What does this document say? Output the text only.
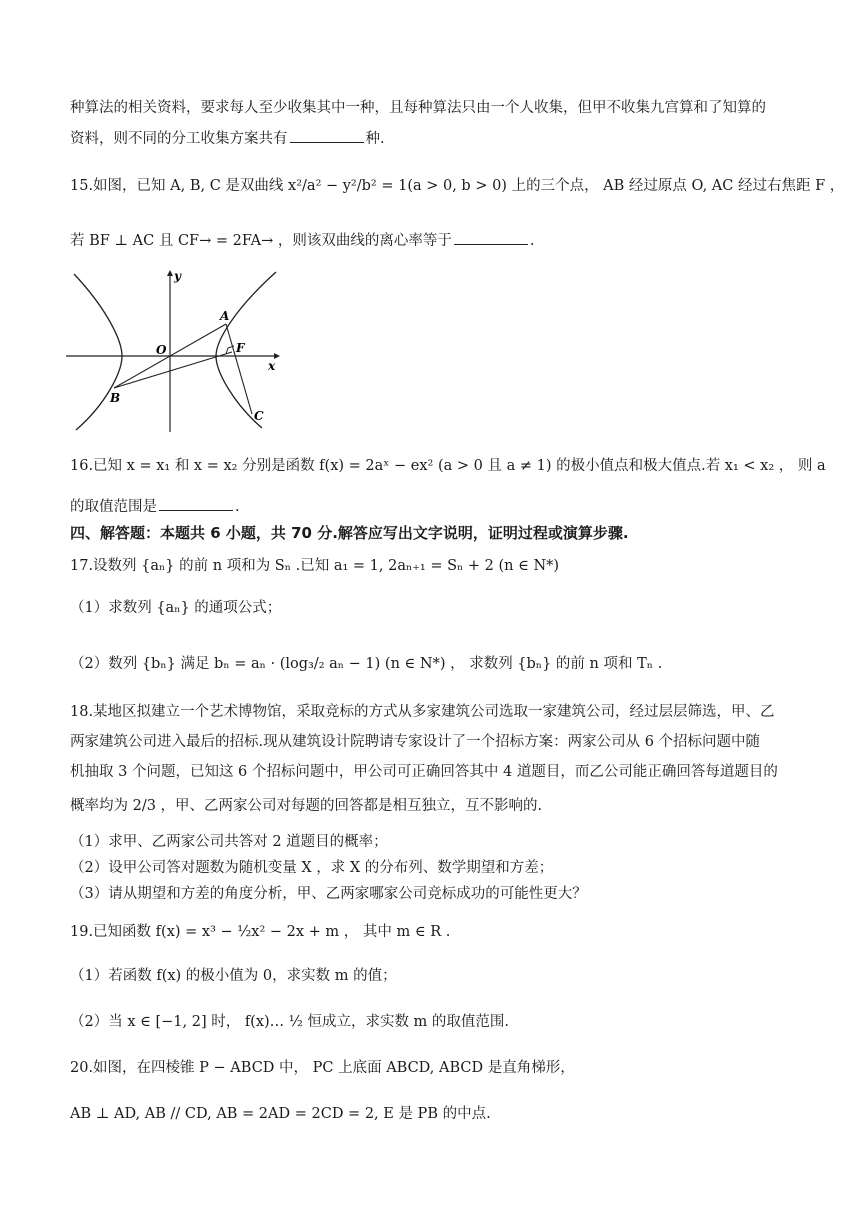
种算法的相关资料，要求每人至少收集其中一种，且每种算法只由一个人收集，但甲不收集九宫算和了知算的
资料，则不同的分工收集方案共有	种.
15.如图，已知 A, B, C 是双曲线 x²/a² − y²/b² = 1(a > 0, b > 0) 上的三个点， AB 经过原点 O, AC 经过右焦距 F ，
若 BF ⊥ AC 且 CF→ = 2FA→ ，则该双曲线的离心率等于	.
y
x
A
O	F
B
C
16.已知 x = x₁ 和 x = x₂ 分别是函数 f(x) = 2aˣ − ex² (a > 0 且 a ≠ 1) 的极小值点和极大值点.若 x₁ < x₂ ， 则 a
的取值范围是	.
四、解答题：本题共 6 小题，共 70 分.解答应写出文字说明，证明过程或演算步骤.
17.设数列 {aₙ} 的前 n 项和为 Sₙ .已知 a₁ = 1, 2aₙ₊₁ = Sₙ + 2 (n ∈ N*)
（1）求数列 {aₙ} 的通项公式；
（2）数列 {bₙ} 满足 bₙ = aₙ · (log₃/₂ aₙ − 1) (n ∈ N*) ， 求数列 {bₙ} 的前 n 项和 Tₙ .
18.某地区拟建立一个艺术博物馆，采取竞标的方式从多家建筑公司选取一家建筑公司，经过层层筛选，甲、乙
两家建筑公司进入最后的招标.现从建筑设计院聘请专家设计了一个招标方案：两家公司从 6 个招标问题中随
机抽取 3 个问题，已知这 6 个招标问题中，甲公司可正确回答其中 4 道题目，而乙公司能正确回答每道题目的
概率均为 2/3 ，甲、乙两家公司对每题的回答都是相互独立，互不影响的.
（1）求甲、乙两家公司共答对 2 道题目的概率；
（2）设甲公司答对题数为随机变量 X ，求 X 的分布列、数学期望和方差；
（3）请从期望和方差的角度分析，甲、乙两家哪家公司竞标成功的可能性更大？
19.已知函数 f(x) = x³ − ½x² − 2x + m ， 其中 m ∈ R .
（1）若函数 f(x) 的极小值为 0，求实数 m 的值；
（2）当 x ∈ [−1, 2] 时， f(x)… ½ 恒成立，求实数 m 的取值范围.
20.如图，在四棱锥 P − ABCD 中， PC 上底面 ABCD, ABCD 是直角梯形，
AB ⊥ AD, AB // CD, AB = 2AD = 2CD = 2, E 是 PB 的中点.
